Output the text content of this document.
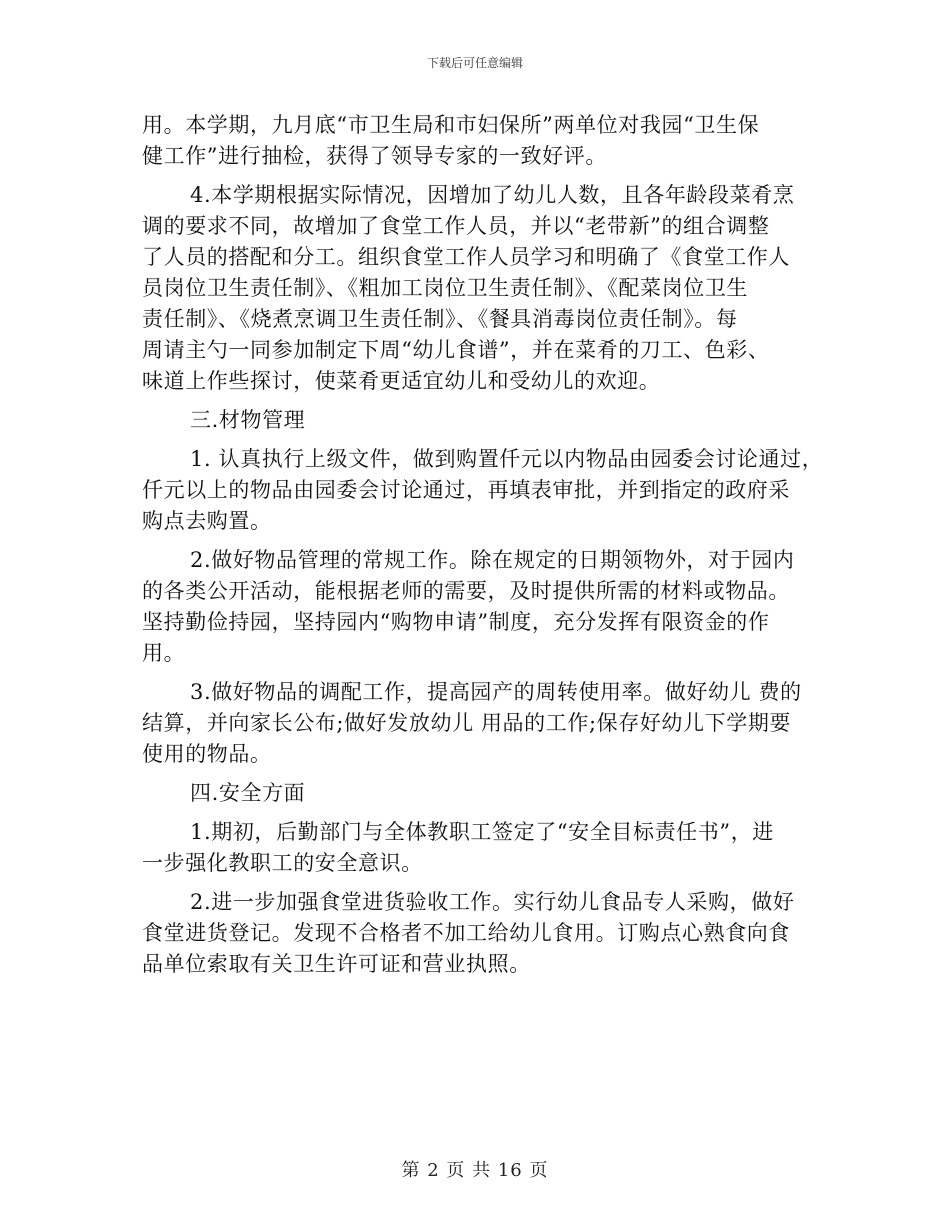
下载后可任意编辑

用。本学期，九月底“市卫生局和市妇保所”两单位对我园“卫生保

健工作”进行抽检，获得了领导专家的一致好评。

4.本学期根据实际情况，因增加了幼儿人数，且各年龄段菜肴烹

调的要求不同，故增加了食堂工作人员，并以“老带新”的组合调整

了人员的搭配和分工。组织食堂工作人员学习和明确了《食堂工作人

员岗位卫生责任制》、《粗加工岗位卫生责任制》、《配菜岗位卫生

责任制》、《烧煮烹调卫生责任制》、《餐具消毒岗位责任制》。每

周请主勺一同参加制定下周“幼儿食谱”，并在菜肴的刀工、色彩、

味道上作些探讨，使菜肴更适宜幼儿和受幼儿的欢迎。

三.材物管理

1. 认真执行上级文件，做到购置仟元以内物品由园委会讨论通过，

仟元以上的物品由园委会讨论通过，再填表审批，并到指定的政府采

购点去购置。

2.做好物品管理的常规工作。除在规定的日期领物外，对于园内

的各类公开活动，能根据老师的需要，及时提供所需的材料或物品。

坚持勤俭持园，坚持园内“购物申请”制度，充分发挥有限资金的作

用。

3.做好物品的调配工作，提高园产的周转使用率。做好幼儿 费的

结算，并向家长公布;做好发放幼儿 用品的工作;保存好幼儿下学期要

使用的物品。

四.安全方面

1.期初，后勤部门与全体教职工签定了“安全目标责任书”，进

一步强化教职工的安全意识。

2.进一步加强食堂进货验收工作。实行幼儿食品专人采购，做好

食堂进货登记。发现不合格者不加工给幼儿食用。订购点心熟食向食

品单位索取有关卫生许可证和营业执照。

第 2 页 共 16 页
